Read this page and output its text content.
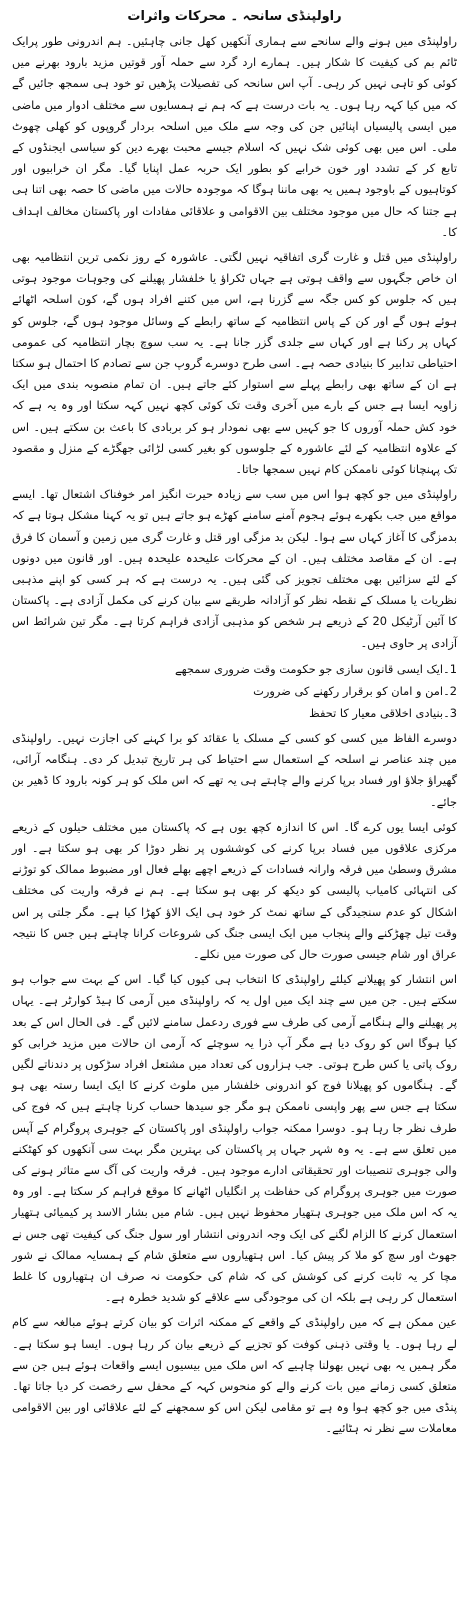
راولپنڈی سانحہ ۔ محرکات واثرات

راولپنڈی میں ہونے والے سانحے سے ہماری آنکھیں کھل جانی چاہئیں۔ ہم اندرونی طور پرایک ٹائم بم کی کیفیت کا شکار ہیں۔ ہمارے ارد گرد سے حملہ آور قوتیں مزید بارود بھرنے میں کوئی کو تاہی نہیں کر رہی۔ آپ اس سانحہ کی تفصیلات پڑھیں تو خود ہی سمجھ جائیں گے کہ میں کیا کہہ رہا ہوں۔ یہ بات درست ہے کہ ہم نے ہمسایوں سے مختلف ادوار میں ماضی میں ایسی پالیسیاں اپنائیں جن کی وجہ سے ملک میں اسلحہ بردار گروپوں کو کھلی چھوٹ ملی۔ اس میں بھی کوئی شک نہیں کہ اسلام جیسے محبت بھرے دین کو سیاسی ایجنڈوں کے تابع کر کے تشدد اور خون خرابے کو بطور ایک حربہ عمل اپنایا گیا۔ مگر ان خرابیوں اور کوتاہیوں کے باوجود ہمیں یہ بھی ماننا ہوگا کہ موجودہ حالات میں ماضی کا حصہ بھی اتنا ہی ہے جتنا کہ حال میں موجود مختلف بین الاقوامی و علاقائی مفادات اور پاکستان مخالف اہداف کا۔

راولپنڈی میں قتل و غارت گری اتفاقیہ نہیں لگتی۔ عاشورہ کے روز نکمی ترین انتظامیہ بھی ان خاص جگہوں سے واقف ہوتی ہے جہاں ٹکراؤ یا خلفشار پھیلنے کی وجوہات موجود ہوتی ہیں کہ جلوس کو کس جگہ سے گزرنا ہے، اس میں کتنے افراد ہوں گے، کون اسلحہ اٹھائے ہوئے ہوں گے اور کن کے پاس انتظامیہ کے ساتھ رابطے کے وسائل موجود ہوں گے، جلوس کو کہاں پر رکنا ہے اور کہاں سے جلدی گزر جانا ہے۔ یہ سب سوچ بچار انتظامیہ کی عمومی احتیاطی تدابیر کا بنیادی حصہ ہے۔ اسی طرح دوسرے گروپ جن سے تصادم کا احتمال ہو سکتا ہے ان کے ساتھ بھی رابطے پہلے سے استوار کئے جاتے ہیں۔ ان تمام منصوبہ بندی میں ایک زاویہ ایسا ہے جس کے بارے میں آخری وقت تک کوئی کچھ نہیں کہہ سکتا اور وہ یہ ہے کہ خود کش حملہ آوروں کا جو کہیں سے بھی نمودار ہو کر بربادی کا باعث بن سکتے ہیں۔ اس کے علاوہ انتظامیہ کے لئے عاشورہ کے جلوسوں کو بغیر کسی لڑائی جھگڑے کے منزل و مقصود تک پہنچانا کوئی ناممکن کام نہیں سمجھا جاتا۔

راولپنڈی میں جو کچھ ہوا اس میں سب سے زیادہ حیرت انگیز امر خوفناک اشتعال تھا۔ ایسے مواقع میں جب بکھرے ہوئے ہجوم آمنے سامنے کھڑے ہو جاتے ہیں تو یہ کہنا مشکل ہوتا ہے کہ بدمزگی کا آغاز کہاں سے ہوا۔ لیکن بد مزگی اور قتل و غارت گری میں زمین و آسمان کا فرق ہے۔ ان کے مقاصد مختلف ہیں۔ ان کے محرکات علیحدہ علیحدہ ہیں۔ اور قانون میں دونوں کے لئے سزائیں بھی مختلف تجویز کی گئی ہیں۔ یہ درست ہے کہ ہر کسی کو اپنے مذہبی نظریات یا مسلک کے نقطہ نظر کو آزادانہ طریقے سے بیان کرنے کی مکمل آزادی ہے۔ پاکستان کا آئین آرٹیکل 20 کے ذریعے ہر شخص کو مذہبی آزادی فراہم کرتا ہے۔ مگر تین شرائط اس آزادی پر حاوی ہیں۔

1۔ایک ایسی قانون سازی جو حکومت وقت ضروری سمجھے
2۔امن و امان کو برقرار رکھنے کی ضرورت
3۔بنیادی اخلاقی معیار کا تحفظ

دوسرے الفاظ میں کسی کو کسی کے مسلک یا عقائد کو برا کہنے کی اجازت نہیں۔ راولپنڈی میں چند عناصر نے اسلحہ کے استعمال سے احتیاط کی ہر تاریخ تبدیل کر دی۔ ہنگامہ آرائی، گھیراؤ جلاؤ اور فساد برپا کرنے والے چاہتے ہی یہ تھے کہ اس ملک کو ہر کونہ بارود کا ڈھیر بن جائے۔

کوئی ایسا یوں کرے گا۔ اس کا اندازہ کچھ یوں ہے کہ پاکستان میں مختلف حیلوں کے ذریعے مرکزی علاقوں میں فساد برپا کرنے کی کوششوں پر نظر دوڑا کر بھی ہو سکتا ہے۔ اور مشرق وسطیٰ میں فرقہ وارانہ فسادات کے ذریعے اچھے بھلے فعال اور مضبوط ممالک کو توڑنے کی انتہائی کامیاب پالیسی کو دیکھ کر بھی ہو سکتا ہے۔ ہم نے فرقہ واریت کی مختلف اشکال کو عدم سنجیدگی کے ساتھ نمٹ کر خود ہی ایک الاؤ کھڑا کیا ہے۔ مگر جلتی پر اس وقت تیل چھڑکنے والے پنجاب میں ایک ایسی جنگ کی شروعات کرانا چاہتے ہیں جس کا نتیجہ عراق اور شام جیسی صورت حال کی صورت میں نکلے۔

اس انتشار کو پھیلانے کیلئے راولپنڈی کا انتخاب ہی کیوں کیا گیا۔ اس کے بہت سے جواب ہو سکتے ہیں۔ جن میں سے چند ایک میں اول یہ کہ راولپنڈی میں آرمی کا ہیڈ کوارٹر ہے۔ یہاں پر پھیلنے والے ہنگامے آرمی کی طرف سے فوری ردعمل سامنے لائیں گے۔ فی الحال اس کے بعد کیا ہوگا اس کو روک دیا ہے مگر آپ ذرا یہ سوچئے کہ آرمی ان حالات میں مزید خرابی کو روک پاتی یا کس طرح ہوتی۔ جب ہزاروں کی تعداد میں مشتعل افراد سڑکوں پر دندناتے لگیں گے۔ ہنگاموں کو پھیلانا فوج کو اندرونی خلفشار میں ملوث کرنے کا ایک ایسا رستہ بھی ہو سکتا ہے جس سے پھر واپسی ناممکن ہو مگر جو سیدھا حساب کرنا چاہتے ہیں کہ فوج کی طرف نظر جا رہا ہو۔ دوسرا ممکنہ جواب راولپنڈی اور پاکستان کے جوہری پروگرام کے آپس میں تعلق سے ہے۔ یہ وہ شہر جہاں پر پاکستان کی بہترین مگر بہت سی آنکھوں کو کھٹکنے والی جوہری تنصیبات اور تحقیقاتی ادارے موجود ہیں۔ فرقہ واریت کی آگ سے متاثر ہونے کی صورت میں جوہری پروگرام کی حفاظت پر انگلیاں اٹھانے کا موقع فراہم کر سکتا ہے۔ اور وہ یہ کہ اس ملک میں جوہری ہتھیار محفوظ نہیں ہیں۔ شام میں بشار الاسد پر کیمیائی ہتھیار استعمال کرنے کا الزام لگنے کی ایک وجہ اندرونی انتشار اور سول جنگ کی کیفیت تھی جس نے جھوٹ اور سچ کو ملا کر پیش کیا۔ اس ہتھیاروں سے متعلق شام کے ہمسایہ ممالک نے شور مچا کر یہ ثابت کرنے کی کوشش کی کہ شام کی حکومت نہ صرف ان ہتھیاروں کا غلط استعمال کر رہی ہے بلکہ ان کی موجودگی سے علاقے کو شدید خطرہ ہے۔

عین ممکن ہے کہ میں راولپنڈی کے واقعے کے ممکنہ اثرات کو بیان کرتے ہوئے مبالغہ سے کام لے رہا ہوں۔ یا وقتی ذہنی کوفت کو تجزیے کے ذریعے بیان کر رہا ہوں۔ ایسا ہو سکتا ہے۔ مگر ہمیں یہ بھی نہیں بھولنا چاہیے کہ اس ملک میں بیسیوں ایسے واقعات ہوئے ہیں جن سے متعلق کسی زمانے میں بات کرنے والے کو منحوس کہہ کے محفل سے رخصت کر دیا جاتا تھا۔ پنڈی میں جو کچھ ہوا وہ ہے تو مقامی لیکن اس کو سمجھنے کے لئے علاقائی اور بین الاقوامی معاملات سے نظر نہ ہٹائیے۔
